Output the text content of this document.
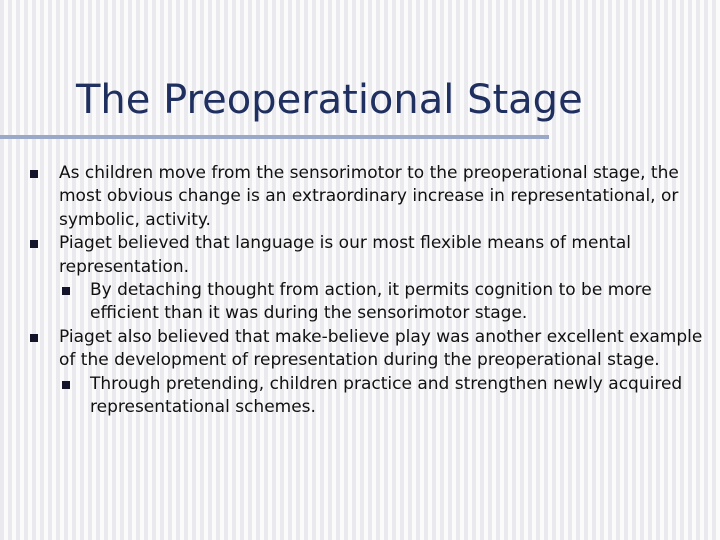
The Preoperational Stage
As children move from the sensorimotor to the preoperational stage, the most obvious change is an extraordinary increase in representational, or symbolic, activity.
Piaget believed that language is our most flexible means of mental representation.
By detaching thought from action, it permits cognition to be more efficient than it was during the sensorimotor stage.
Piaget also believed that make-believe play was another excellent example of the development of representation during the preoperational stage.
Through pretending, children practice and strengthen newly acquired representational schemes.
